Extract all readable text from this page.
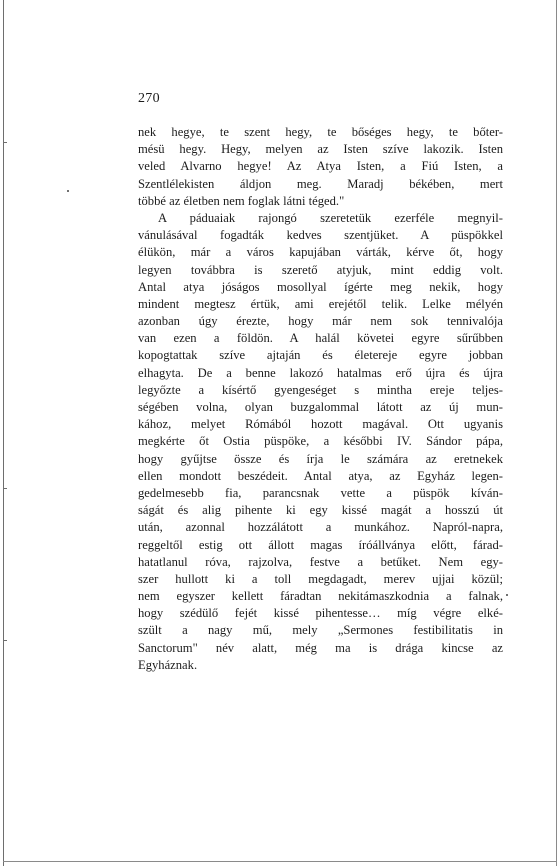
270
nek hegye, te szent hegy, te bőséges hegy, te bőter-
mésü hegy. Hegy, melyen az Isten szíve lakozik. Isten
veled Alvarno hegye! Az Atya Isten, a Fiú Isten, a
Szentlélekisten áldjon meg. Maradj békében, mert
többé az életben nem foglak látni téged."
A páduaiak rajongó szeretetük ezerféle megnyil-
vánulásával fogadták kedves szentjüket. A püspökkel
élükön, már a város kapujában várták, kérve őt, hogy
legyen továbbra is szerető atyjuk, mint eddig volt.
Antal atya jóságos mosollyal ígérte meg nekik, hogy
mindent megtesz értük, ami erejétől telik. Lelke mélyén
azonban úgy érezte, hogy már nem sok tennivalója
van ezen a földön. A halál követei egyre sűrűbben
kopogtattak szíve ajtaján és életereje egyre jobban
elhagyta. De a benne lakozó hatalmas erő újra és újra
legyőzte a kísértő gyengeséget s mintha ereje teljes-
ségében volna, olyan buzgalommal látott az új mun-
kához, melyet Rómából hozott magával. Ott ugyanis
megkérte őt Ostia püspöke, a későbbi IV. Sándor pápa,
hogy gyűjtse össze és írja le számára az eretnekek
ellen mondott beszédeit. Antal atya, az Egyház legen-
gedelmesebb fia, parancsnak vette a püspök kíván-
ságát és alig pihente ki egy kissé magát a hosszú út
után, azonnal hozzálátott a munkához. Napról-napra,
reggeltől estig ott állott magas íróállványa előtt, fárad-
hatatlanul róva, rajzolva, festve a betűket. Nem egy-
szer hullott ki a toll megdagadt, merev ujjai közül;
nem egyszer kellett fáradtan nekitámaszkodnia a falnak,
hogy szédülő fejét kissé pihentesse… míg végre elké-
szült a nagy mű, mely „Sermones festibilitatis in
Sanctorum" név alatt, még ma is drága kincse az
Egyháznak.
